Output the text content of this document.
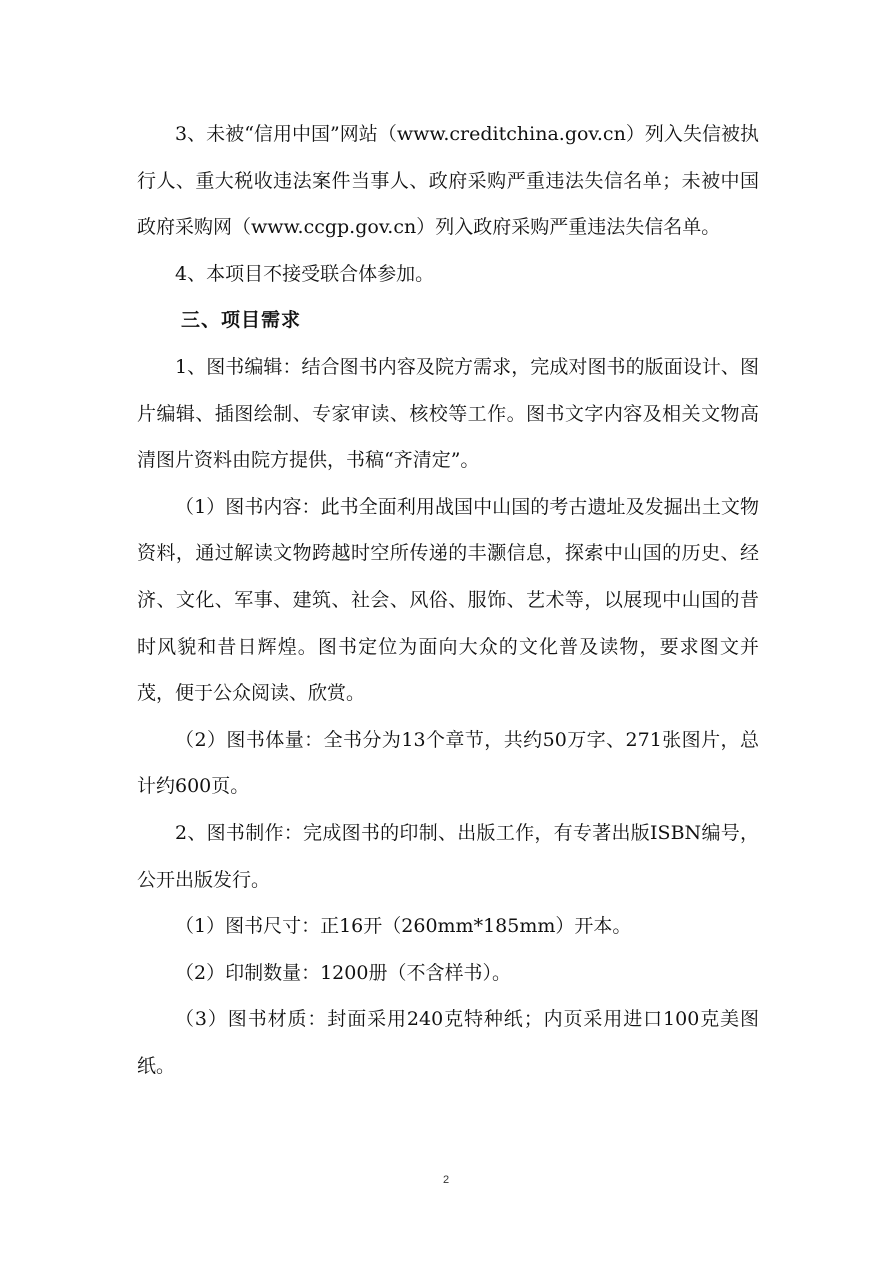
3、未被“信用中国”网站（www.creditchina.gov.cn）列入失信被执行人、重大税收违法案件当事人、政府采购严重违法失信名单；未被中国政府采购网（www.ccgp.gov.cn）列入政府采购严重违法失信名单。

4、本项目不接受联合体参加。

三、项目需求

1、图书编辑：结合图书内容及院方需求，完成对图书的版面设计、图片编辑、插图绘制、专家审读、核校等工作。图书文字内容及相关文物高清图片资料由院方提供，书稿“齐清定”。

（1）图书内容：此书全面利用战国中山国的考古遗址及发掘出土文物资料，通过解读文物跨越时空所传递的丰灏信息，探索中山国的历史、经济、文化、军事、建筑、社会、风俗、服饰、艺术等，以展现中山国的昔时风貌和昔日辉煌。图书定位为面向大众的文化普及读物，要求图文并茂，便于公众阅读、欣赏。

（2）图书体量：全书分为13个章节，共约50万字、271张图片，总计约600页。

2、图书制作：完成图书的印制、出版工作，有专著出版ISBN编号，公开出版发行。

（1）图书尺寸：正16开（260mm*185mm）开本。

（2）印制数量：1200册（不含样书）。

（3）图书材质：封面采用240克特种纸；内页采用进口100克美图纸。

2
